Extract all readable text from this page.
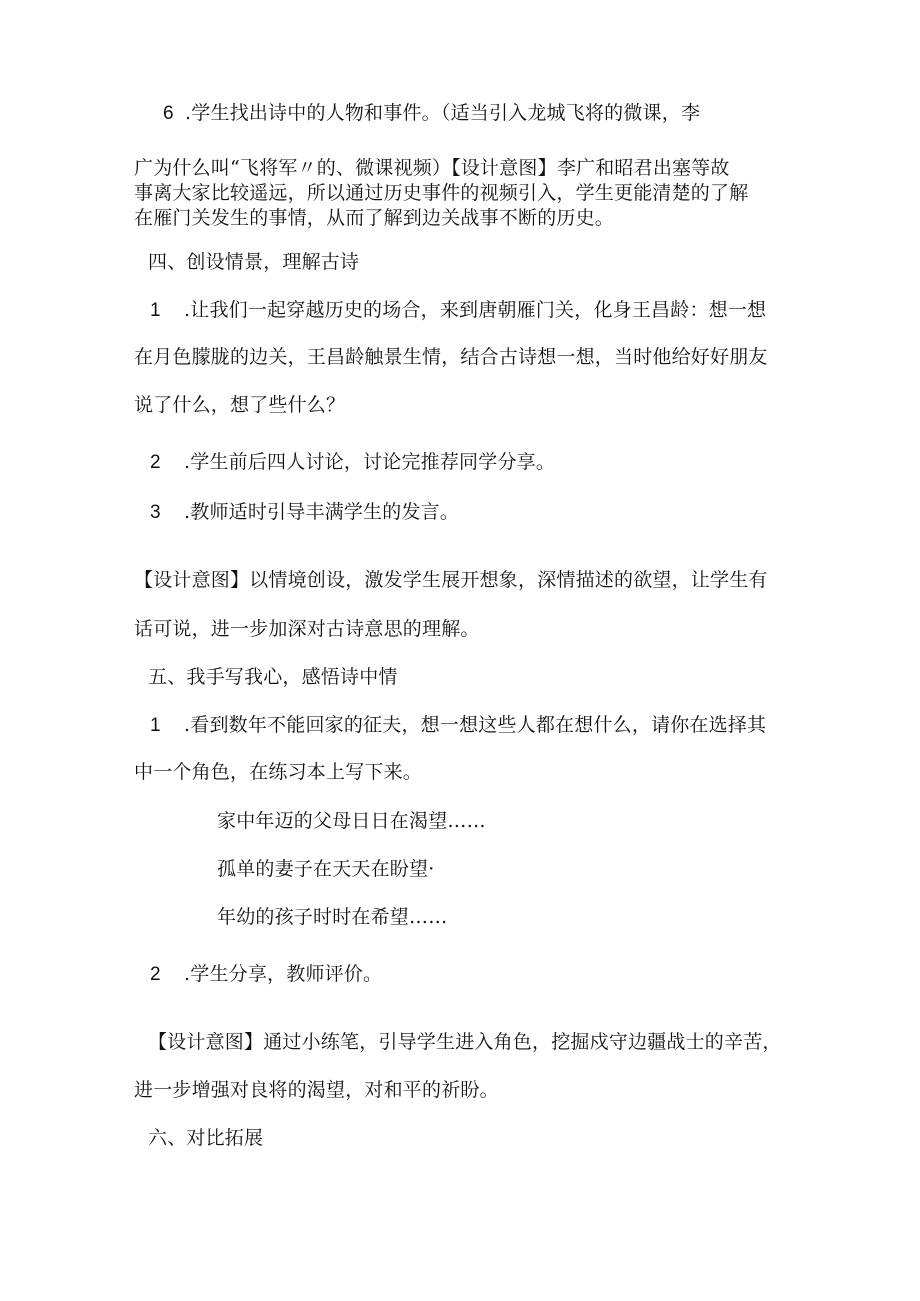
6 .学生找出诗中的人物和事件。（适当引入龙城飞将的微课，李
广为什么叫“飞将军〃的、微课视频）【设计意图】李广和昭君出塞等故
事离大家比较遥远，所以通过历史事件的视频引入，学生更能清楚的了解
在雁门关发生的事情，从而了解到边关战事不断的历史。
四、创设情景，理解古诗
1 .让我们一起穿越历史的场合，来到唐朝雁门关，化身王昌龄：想一想
在月色朦胧的边关，王昌龄触景生情，结合古诗想一想，当时他给好好朋友
说了什么，想了些什么？
2 .学生前后四人讨论，讨论完推荐同学分享。
3 .教师适时引导丰满学生的发言。
【设计意图】以情境创设，激发学生展开想象，深情描述的欲望，让学生有
话可说，进一步加深对古诗意思的理解。
五、我手写我心，感悟诗中情
1 .看到数年不能回家的征夫，想一想这些人都在想什么，请你在选择其
中一个角色，在练习本上写下来。
家中年迈的父母日日在渴望……
孤单的妻子在天天在盼望·
年幼的孩子时时在希望……
2 .学生分享，教师评价。
【设计意图】通过小练笔，引导学生进入角色，挖掘戍守边疆战士的辛苦，
进一步增强对良将的渴望，对和平的祈盼。
六、对比拓展
